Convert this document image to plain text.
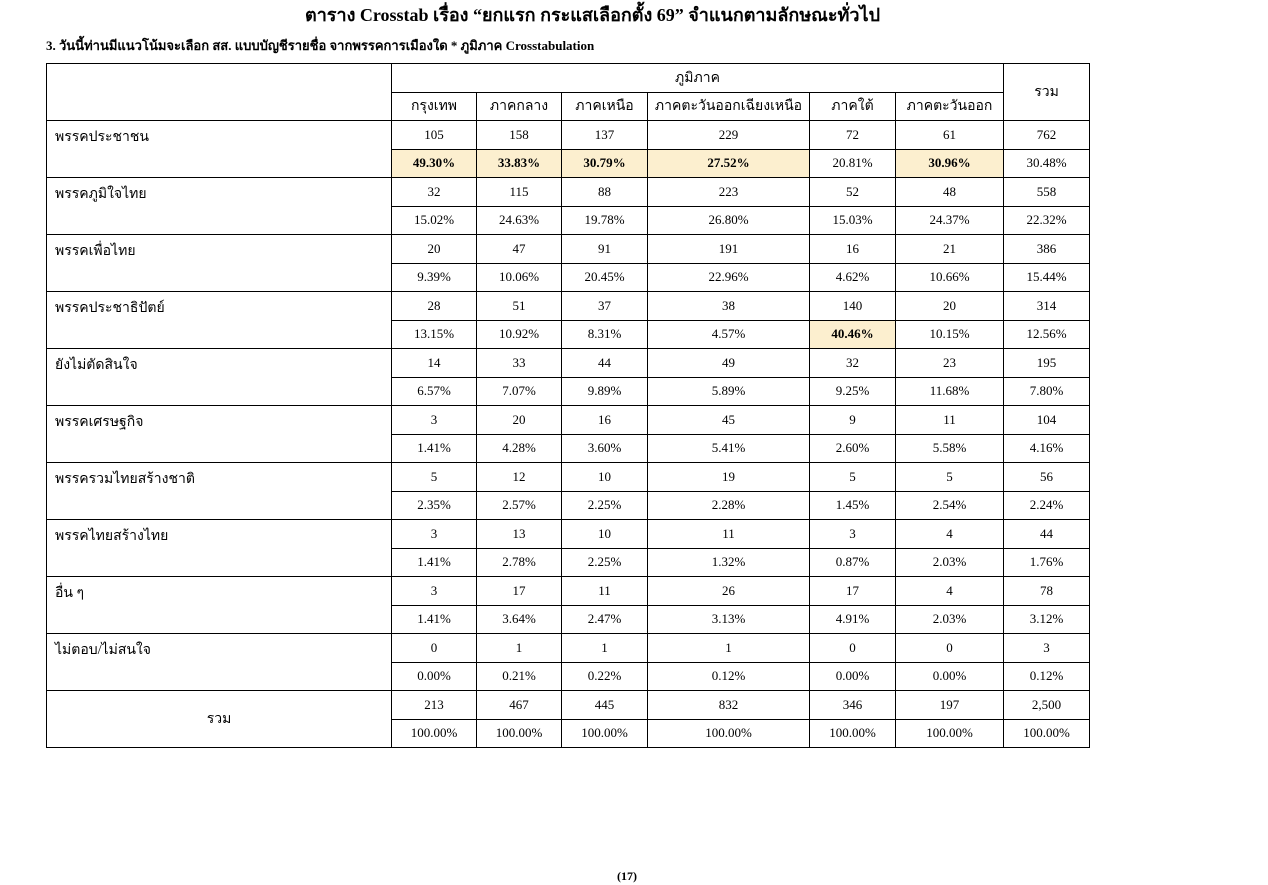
ตาราง Crosstab เรื่อง “ยกแรก กระแสเลือกตั้ง 69” จำแนกตามลักษณะทั่วไป
3. วันนี้ท่านมีแนวโน้มจะเลือก สส. แบบบัญชีรายชื่อ จากพรรคการเมืองใด * ภูมิภาค Crosstabulation
	ภูมิภาค						รวม
	กรุงเทพ	ภาคกลาง	ภาคเหนือ	ภาคตะวันออกเฉียงเหนือ	ภาคใต้	ภาคตะวันออก	
พรรคประชาชน	105	158	137	229	72	61	762
	49.30%	33.83%	30.79%	27.52%	20.81%	30.96%	30.48%
พรรคภูมิใจไทย	32	115	88	223	52	48	558
	15.02%	24.63%	19.78%	26.80%	15.03%	24.37%	22.32%
พรรคเพื่อไทย	20	47	91	191	16	21	386
	9.39%	10.06%	20.45%	22.96%	4.62%	10.66%	15.44%
พรรคประชาธิปัตย์	28	51	37	38	140	20	314
	13.15%	10.92%	8.31%	4.57%	40.46%	10.15%	12.56%
ยังไม่ตัดสินใจ	14	33	44	49	32	23	195
	6.57%	7.07%	9.89%	5.89%	9.25%	11.68%	7.80%
พรรคเศรษฐกิจ	3	20	16	45	9	11	104
	1.41%	4.28%	3.60%	5.41%	2.60%	5.58%	4.16%
พรรครวมไทยสร้างชาติ	5	12	10	19	5	5	56
	2.35%	2.57%	2.25%	2.28%	1.45%	2.54%	2.24%
พรรคไทยสร้างไทย	3	13	10	11	3	4	44
	1.41%	2.78%	2.25%	1.32%	0.87%	2.03%	1.76%
อื่น ๆ	3	17	11	26	17	4	78
	1.41%	3.64%	2.47%	3.13%	4.91%	2.03%	3.12%
ไม่ตอบ/ไม่สนใจ	0	1	1	1	0	0	3
	0.00%	0.21%	0.22%	0.12%	0.00%	0.00%	0.12%
รวม	213	467	445	832	346	197	2,500
	100.00%	100.00%	100.00%	100.00%	100.00%	100.00%	100.00%
(17)
